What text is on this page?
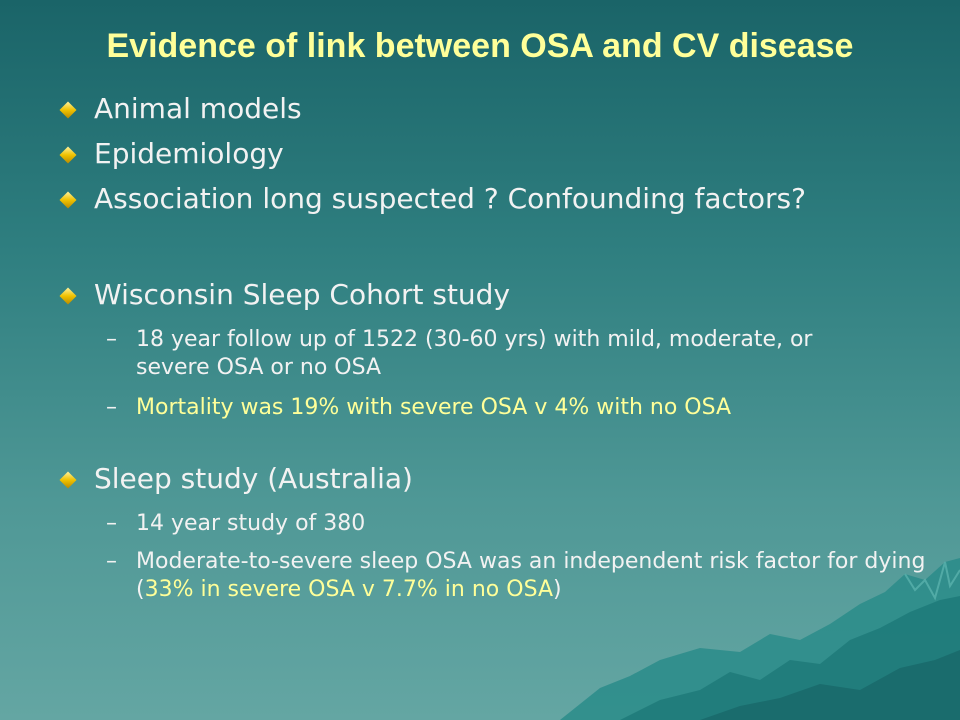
Evidence of link between OSA and CV disease
Animal models
Epidemiology
Association long suspected ? Confounding factors?
Wisconsin Sleep Cohort study
– 18 year follow up of 1522 (30-60 yrs) with mild, moderate, or severe OSA or no OSA
– Mortality was 19% with severe OSA v 4% with no OSA
Sleep study (Australia)
– 14 year study of 380
– Moderate-to-severe sleep OSA was an independent risk factor for dying (33% in severe OSA v 7.7% in no OSA)
